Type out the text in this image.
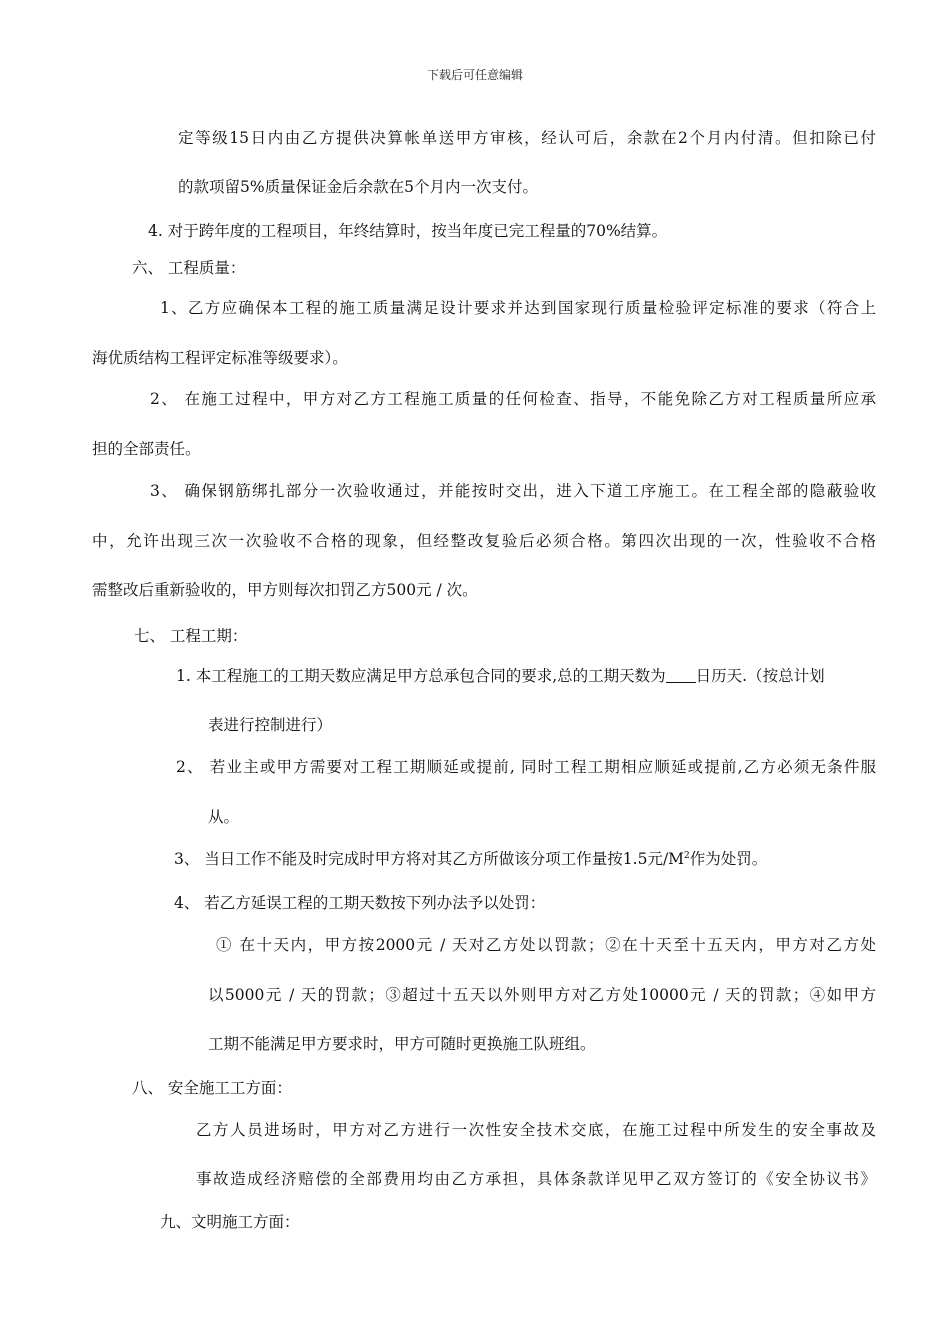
下载后可任意编辑
定等级15日内由乙方提供决算帐单送甲方审核，经认可后，余款在2个月内付清。但扣除已付
的款项留5%质量保证金后余款在5个月内一次支付。
4. 对于跨年度的工程项目，年终结算时，按当年度已完工程量的70%结算。
六、 工程质量：
1、乙方应确保本工程的施工质量满足设计要求并达到国家现行质量检验评定标准的要求（符合上
海优质结构工程评定标准等级要求）。
2、 在施工过程中，甲方对乙方工程施工质量的任何检查、指导，不能免除乙方对工程质量所应承
担的全部责任。
3、 确保钢筋绑扎部分一次验收通过，并能按时交出，进入下道工序施工。在工程全部的隐蔽验收
中，允许出现三次一次验收不合格的现象，但经整改复验后必须合格。第四次出现的一次，性验收不合格
需整改后重新验收的，甲方则每次扣罚乙方500元 / 次。
七、 工程工期：
1. 本工程施工的工期天数应满足甲方总承包合同的要求,总的工期天数为 日历天.（按总计划
表进行控制进行）
2、 若业主或甲方需要对工程工期顺延或提前, 同时工程工期相应顺延或提前,乙方必须无条件服
从。
3、 当日工作不能及时完成时甲方将对其乙方所做该分项工作量按1.5元$/M^2$作为处罚。
4、 若乙方延误工程的工期天数按下列办法予以处罚：
① 在十天内，甲方按2000元 / 天对乙方处以罚款；②在十天至十五天内，甲方对乙方处
以5000元 / 天的罚款；③超过十五天以外则甲方对乙方处10000元 / 天的罚款；④如甲方
工期不能满足甲方要求时，甲方可随时更换施工队班组。
八、 安全施工工方面：
乙方人员进场时，甲方对乙方进行一次性安全技术交底，在施工过程中所发生的安全事故及
事故造成经济赔偿的全部费用均由乙方承担，具体条款详见甲乙双方签订的《安全协议书》
九、文明施工方面：
